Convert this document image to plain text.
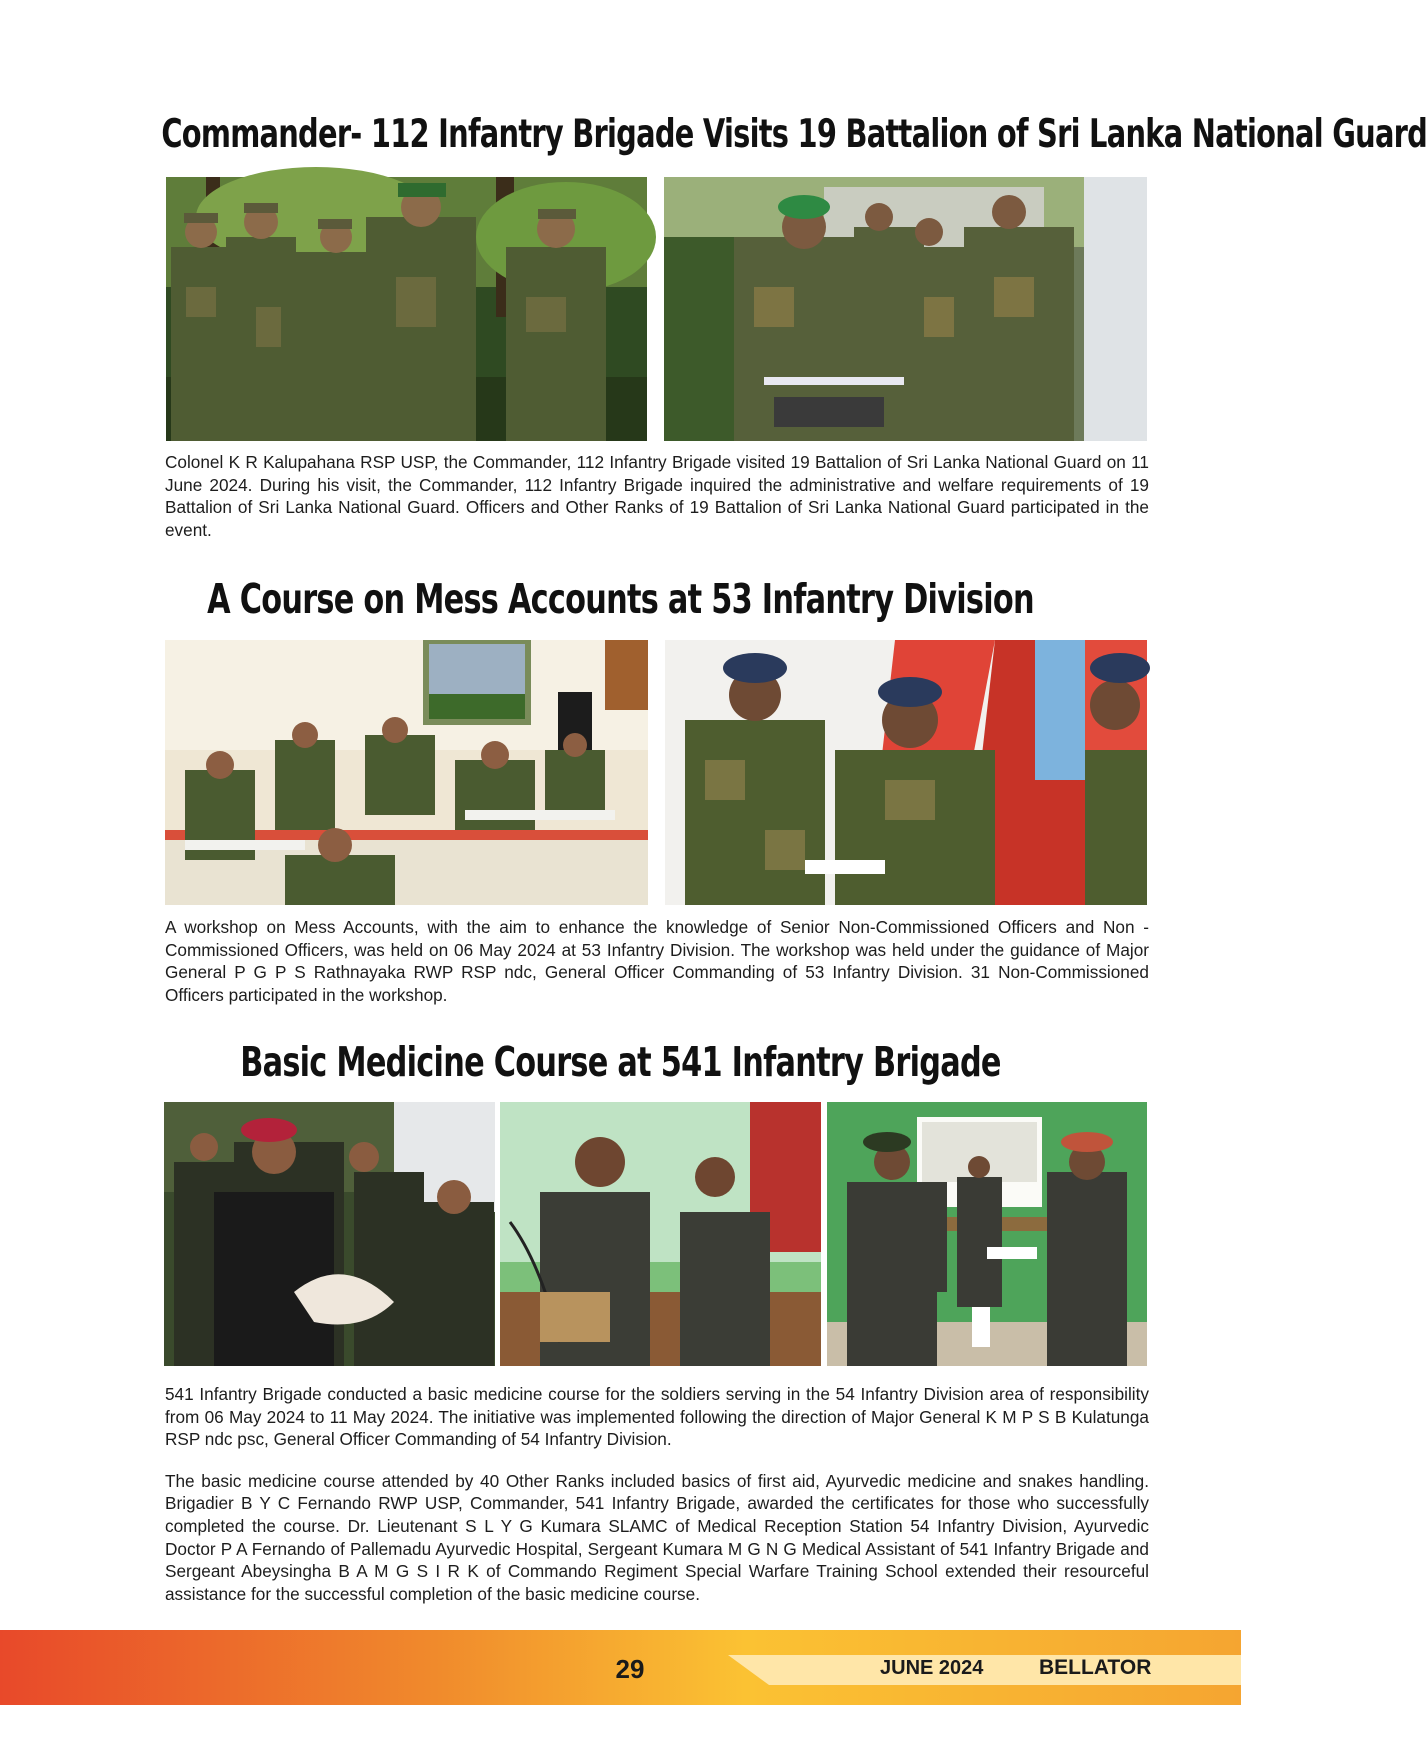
Commander- 112 Infantry Brigade Visits 19 Battalion of Sri Lanka National Guard

Colonel K R Kalupahana RSP USP, the Commander, 112 Infantry Brigade visited 19 Battalion of Sri Lanka National Guard on 11 June 2024. During his visit, the Commander, 112 Infantry Brigade inquired the administrative and welfare requirements of 19 Battalion of Sri Lanka National Guard. Officers and Other Ranks of 19 Battalion of Sri Lanka National Guard participated in the event.

A Course on Mess Accounts at 53 Infantry Division

A workshop on Mess Accounts, with the aim to enhance the knowledge of Senior Non-Commissioned Officers and Non -Commissioned Officers, was held on 06 May 2024 at 53 Infantry Division. The workshop was held under the guidance of Major General P G P S Rathnayaka RWP RSP ndc, General Officer Commanding of 53 Infantry Division. 31 Non-Commissioned Officers participated in the workshop.

Basic Medicine Course at 541 Infantry Brigade

541 Infantry Brigade conducted a basic medicine course for the soldiers serving in the 54 Infantry Division area of responsibility from 06 May 2024 to 11 May 2024. The initiative was implemented following the direction of Major General K M P S B Kulatunga RSP ndc psc, General Officer Commanding of 54 Infantry Division.

The basic medicine course attended by 40 Other Ranks included basics of first aid, Ayurvedic medicine and snakes handling. Brigadier B Y C Fernando RWP USP, Commander, 541 Infantry Brigade, awarded the certificates for those who successfully completed the course. Dr. Lieutenant S L Y G Kumara SLAMC of Medical Reception Station 54 Infantry Division, Ayurvedic Doctor P A Fernando of Pallemadu Ayurvedic Hospital, Sergeant Kumara M G N G Medical Assistant of 541 Infantry Brigade and Sergeant Abeysingha B A M G S I R K of Commando Regiment Special Warfare Training School extended their resourceful assistance for the successful completion of the basic medicine course.

29	JUNE 2024	BELLATOR
